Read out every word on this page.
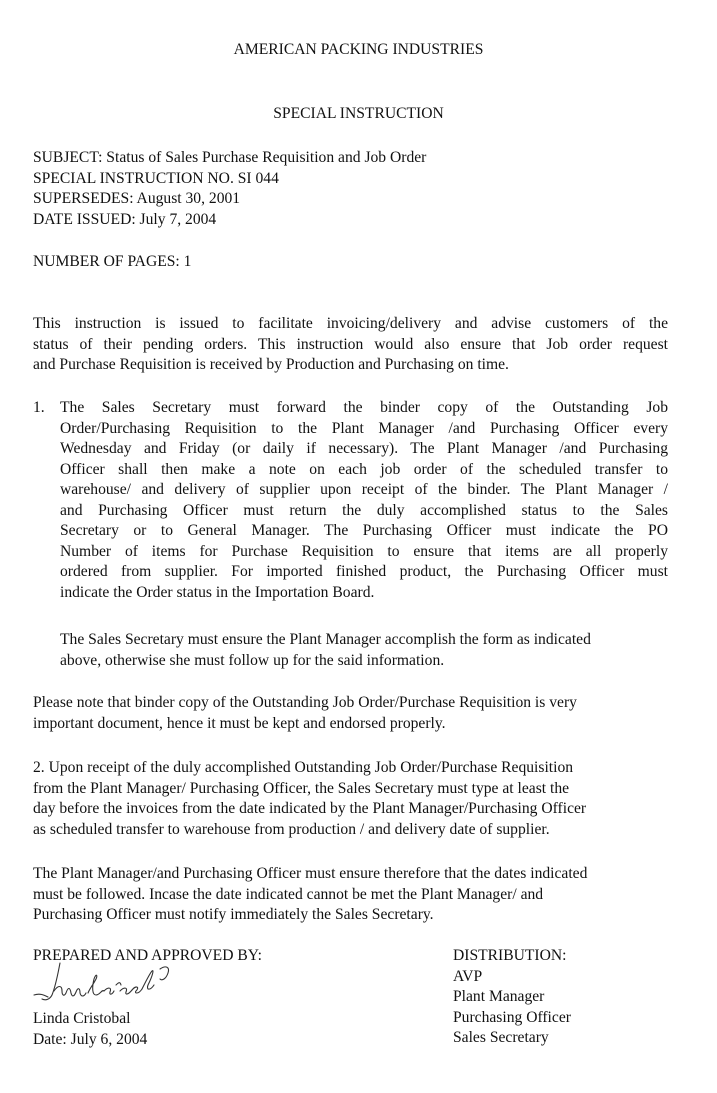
AMERICAN PACKING INDUSTRIES
SPECIAL INSTRUCTION
SUBJECT: Status of Sales Purchase Requisition and Job Order
SPECIAL INSTRUCTION NO. SI 044
SUPERSEDES: August 30, 2001
DATE ISSUED: July 7, 2004
NUMBER OF PAGES: 1
This instruction is issued to facilitate invoicing/delivery and advise customers of the
status of their pending orders. This instruction would also ensure that Job order request
and Purchase Requisition is received by Production and Purchasing on time.
1. The Sales Secretary must forward the binder copy of the Outstanding Job
Order/Purchasing Requisition to the Plant Manager /and Purchasing Officer every
Wednesday and Friday (or daily if necessary). The Plant Manager /and Purchasing
Officer shall then make a note on each job order of the scheduled transfer to
warehouse/ and delivery of supplier upon receipt of the binder. The Plant Manager /
and Purchasing Officer must return the duly accomplished status to the Sales
Secretary or to General Manager. The Purchasing Officer must indicate the PO
Number of items for Purchase Requisition to ensure that items are all properly
ordered from supplier. For imported finished product, the Purchasing Officer must
indicate the Order status in the Importation Board.
The Sales Secretary must ensure the Plant Manager accomplish the form as indicated
above, otherwise she must follow up for the said information.
Please note that binder copy of the Outstanding Job Order/Purchase Requisition is very
important document, hence it must be kept and endorsed properly.
2. Upon receipt of the duly accomplished Outstanding Job Order/Purchase Requisition
from the Plant Manager/ Purchasing Officer, the Sales Secretary must type at least the
day before the invoices from the date indicated by the Plant Manager/Purchasing Officer
as scheduled transfer to warehouse from production / and delivery date of supplier.
The Plant Manager/and Purchasing Officer must ensure therefore that the dates indicated
must be followed. Incase the date indicated cannot be met the Plant Manager/ and
Purchasing Officer must notify immediately the Sales Secretary.
PREPARED AND APPROVED BY:
Linda Cristobal
Date: July 6, 2004
DISTRIBUTION:
AVP
Plant Manager
Purchasing Officer
Sales Secretary
